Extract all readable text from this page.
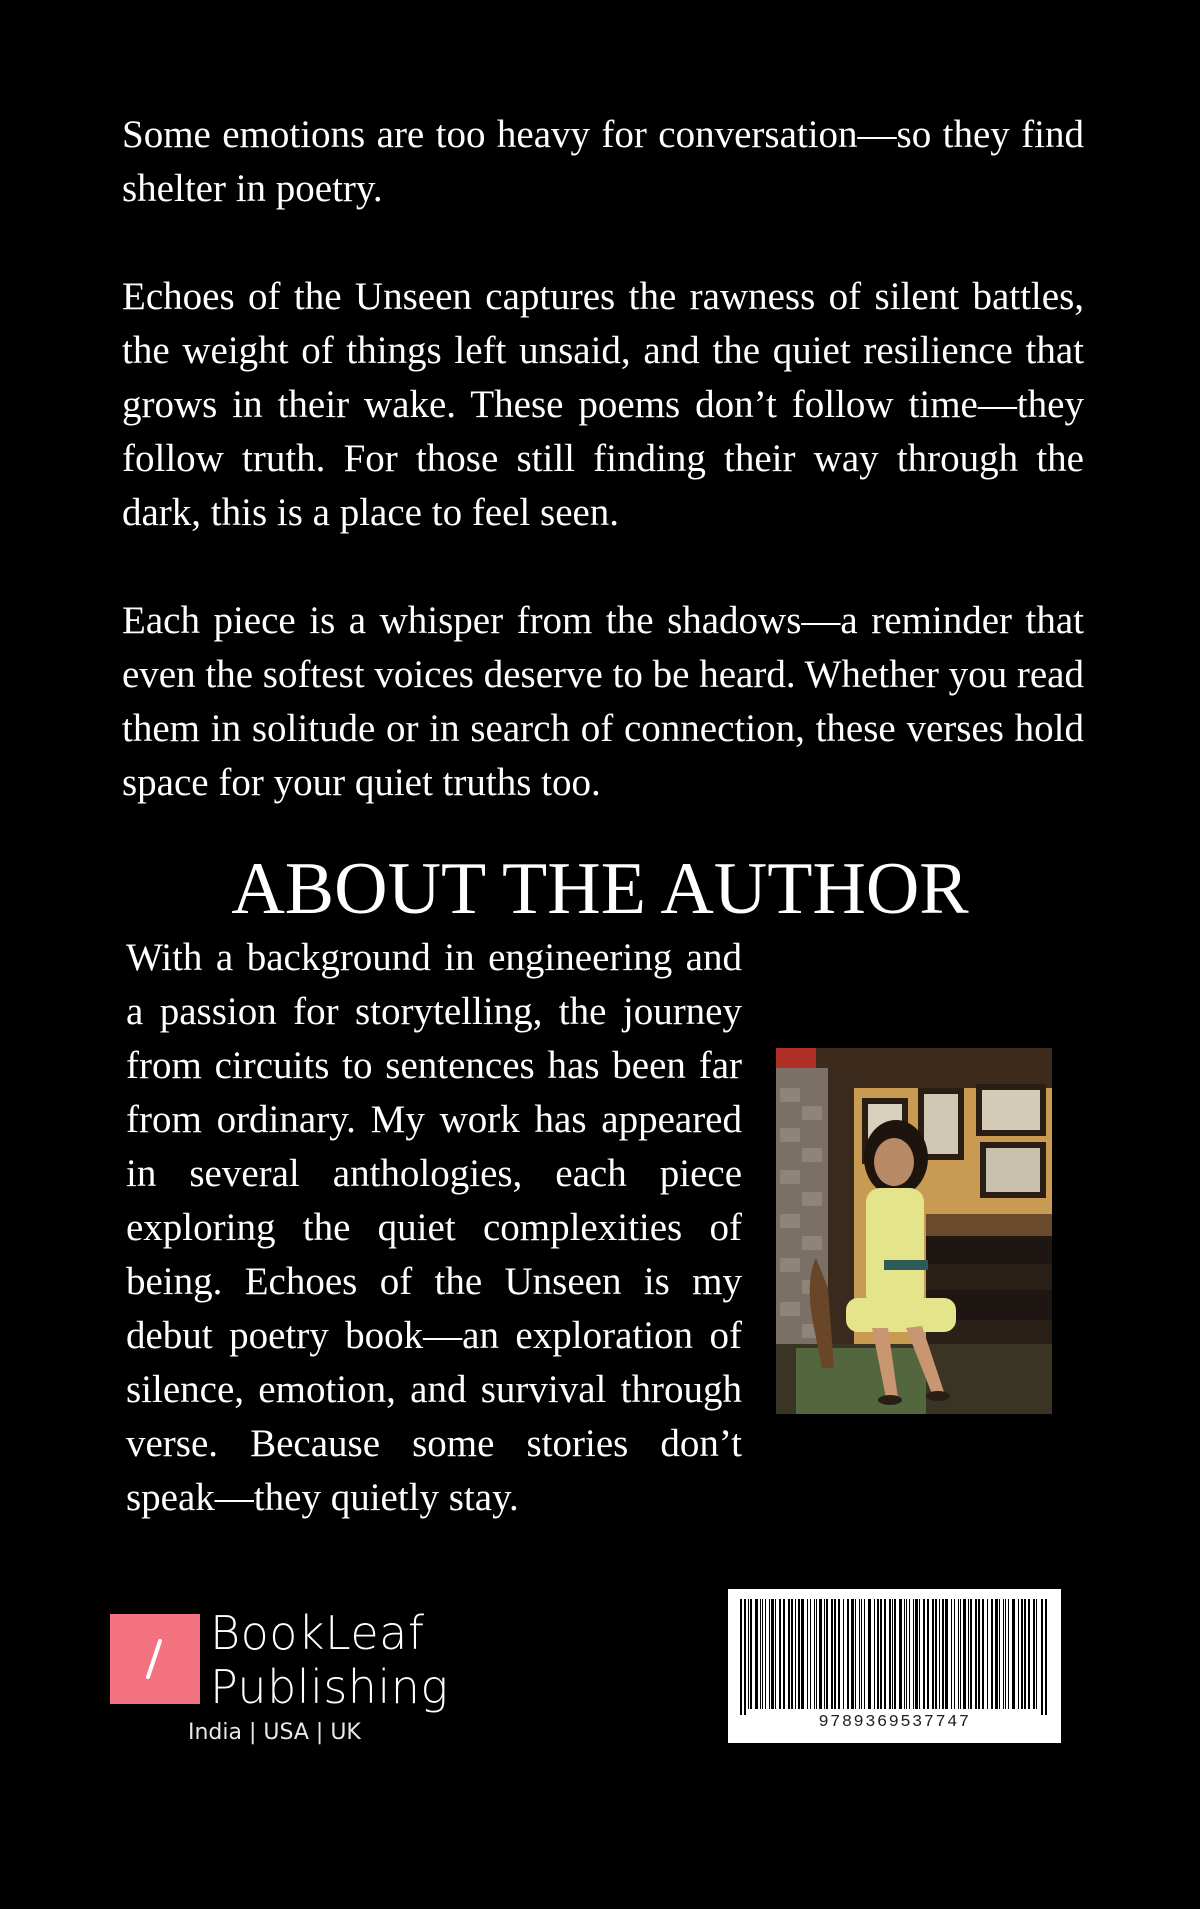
Some emotions are too heavy for conversation—so they find shelter in poetry.

Echoes of the Unseen captures the rawness of silent battles, the weight of things left unsaid, and the quiet resilience that grows in their wake. These poems don’t follow time—they follow truth. For those still finding their way through the dark, this is a place to feel seen.

Each piece is a whisper from the shadows—a reminder that even the softest voices deserve to be heard. Whether you read them in solitude or in search of connection, these verses hold space for your quiet truths too.

ABOUT THE AUTHOR

With a background in engineering and a passion for storytelling, the journey from circuits to sentences has been far from ordinary. My work has appeared in several anthologies, each piece exploring the quiet complexities of being. Echoes of the Unseen is my debut poetry book—an exploration of silence, emotion, and survival through verse. Because some stories don’t speak—they quietly stay.

BookLeaf
Publishing
India | USA | UK	9789369537747
